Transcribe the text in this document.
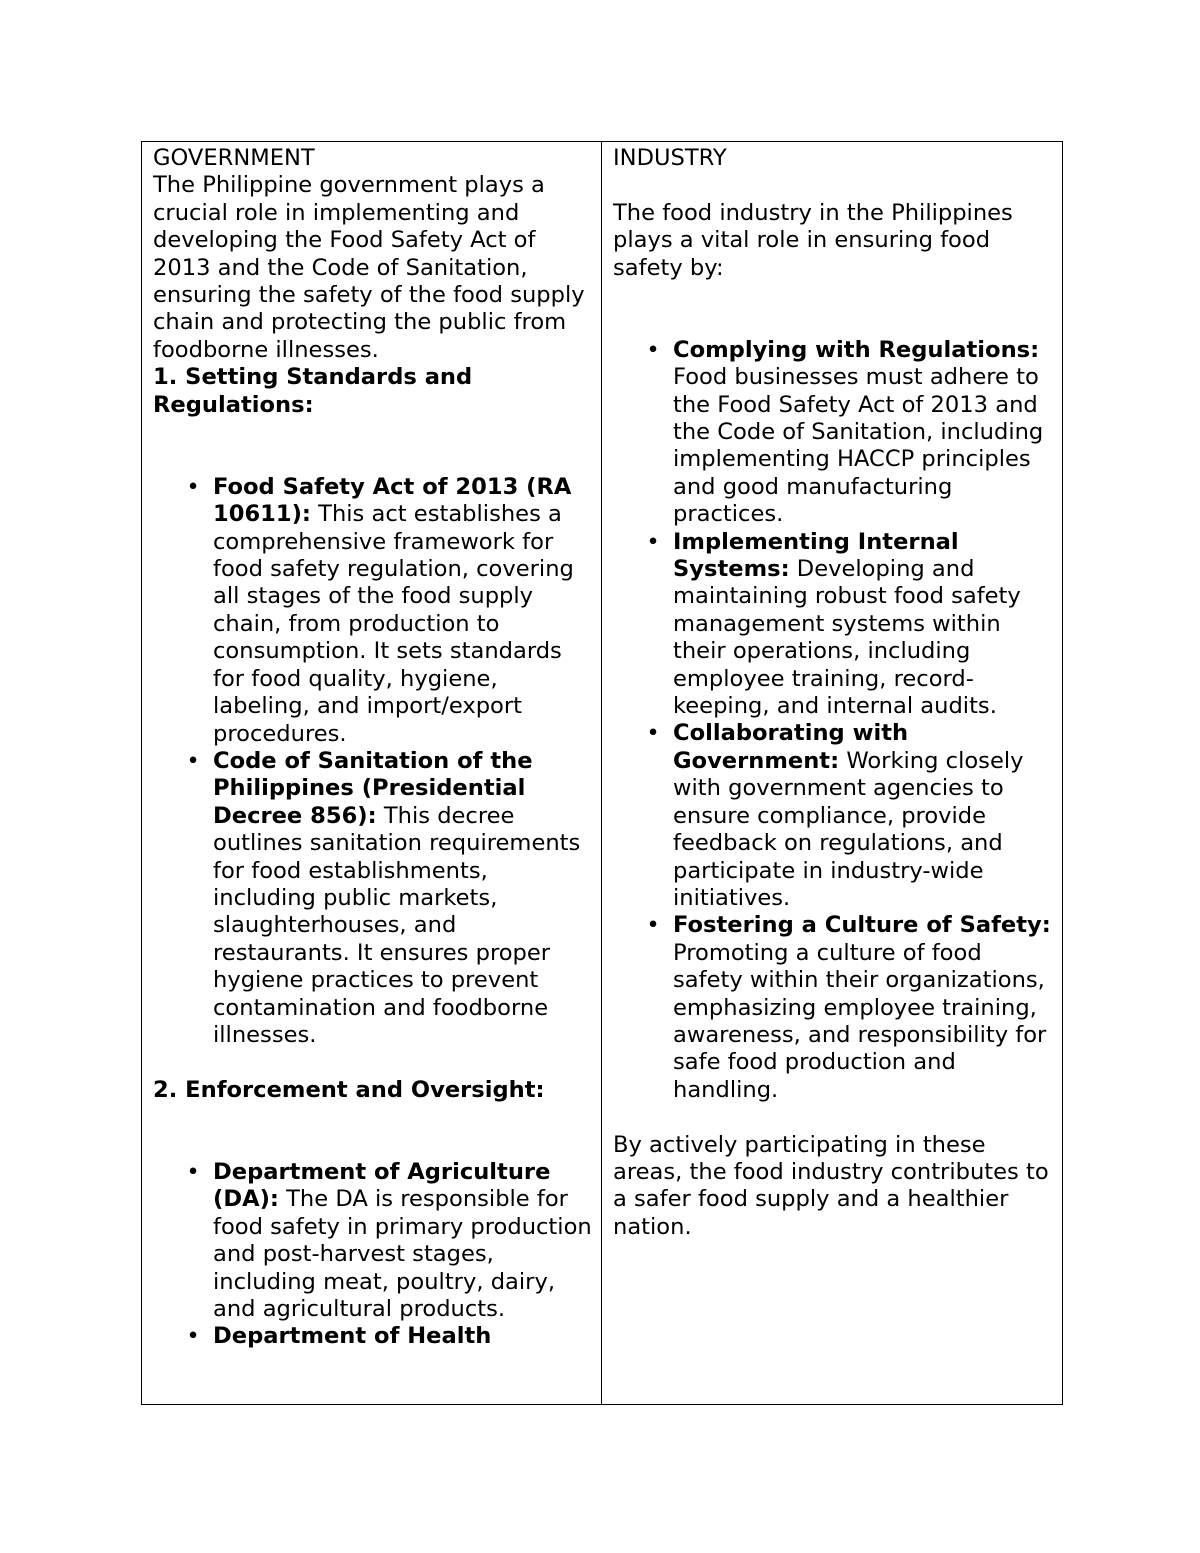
GOVERNMENT

The Philippine government plays a crucial role in implementing and developing the Food Safety Act of 2013 and the Code of Sanitation, ensuring the safety of the food supply chain and protecting the public from foodborne illnesses.

1. Setting Standards and Regulations:

• Food Safety Act of 2013 (RA 10611): This act establishes a comprehensive framework for food safety regulation, covering all stages of the food supply chain, from production to consumption. It sets standards for food quality, hygiene, labeling, and import/export procedures.
• Code of Sanitation of the Philippines (Presidential Decree 856): This decree outlines sanitation requirements for food establishments, including public markets, slaughterhouses, and restaurants. It ensures proper hygiene practices to prevent contamination and foodborne illnesses.

2. Enforcement and Oversight:

• Department of Agriculture (DA): The DA is responsible for food safety in primary production and post-harvest stages, including meat, poultry, dairy, and agricultural products.
• Department of Health

INDUSTRY

The food industry in the Philippines plays a vital role in ensuring food safety by:

• Complying with Regulations: Food businesses must adhere to the Food Safety Act of 2013 and the Code of Sanitation, including implementing HACCP principles and good manufacturing practices.
• Implementing Internal Systems: Developing and maintaining robust food safety management systems within their operations, including employee training, record-keeping, and internal audits.
• Collaborating with Government: Working closely with government agencies to ensure compliance, provide feedback on regulations, and participate in industry-wide initiatives.
• Fostering a Culture of Safety: Promoting a culture of food safety within their organizations, emphasizing employee training, awareness, and responsibility for safe food production and handling.

By actively participating in these areas, the food industry contributes to a safer food supply and a healthier nation.
